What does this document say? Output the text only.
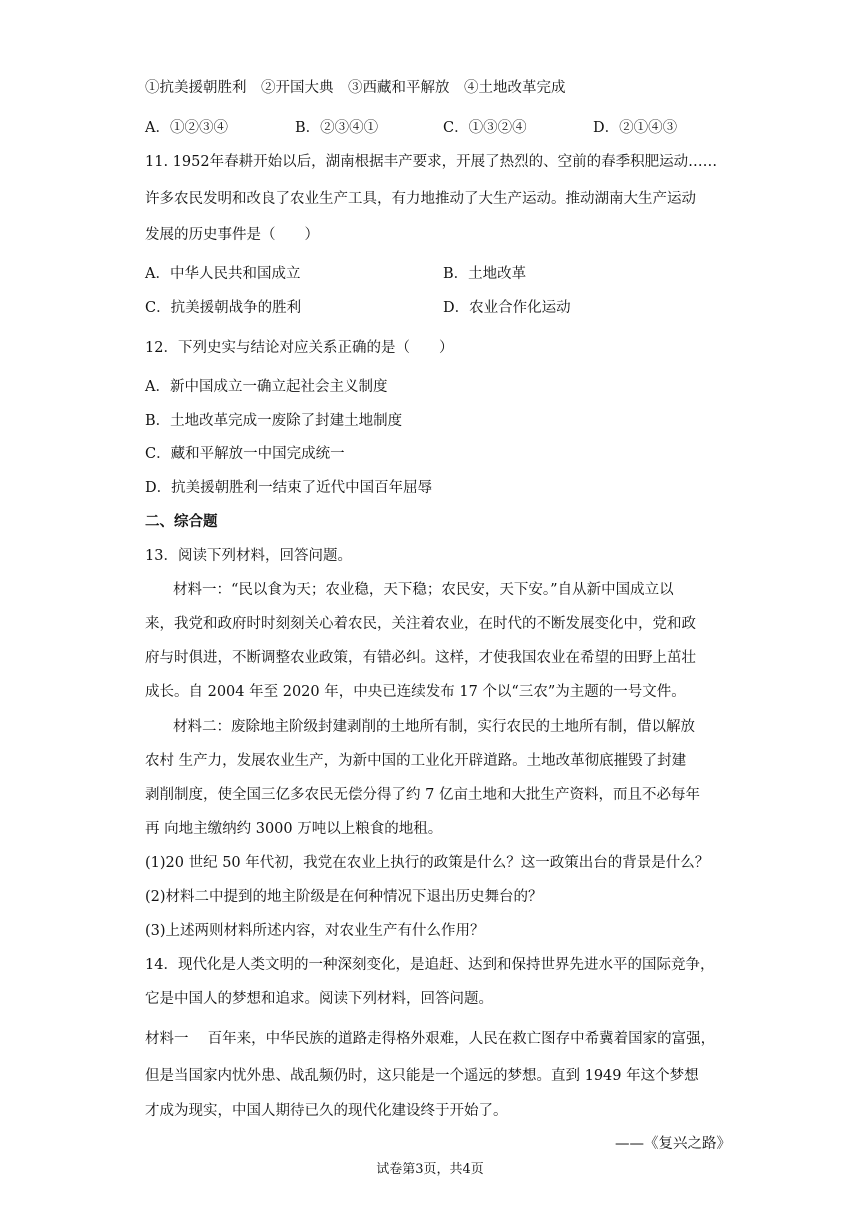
①抗美援朝胜利　②开国大典　③西藏和平解放　④土地改革完成
A．①②③④	B．②③④①	C．①③②④	D．②①④③
11. 1952年春耕开始以后，湖南根据丰产要求，开展了热烈的、空前的春季积肥运动……
许多农民发明和改良了农业生产工具，有力地推动了大生产运动。推动湖南大生产运动
发展的历史事件是（　　）
A．中华人民共和国成立	B．土地改革
C．抗美援朝战争的胜利	D．农业合作化运动
12．下列史实与结论对应关系正确的是（　　）
A．新中国成立一确立起社会主义制度
B．土地改革完成一废除了封建土地制度
C．藏和平解放一中国完成统一
D．抗美援朝胜利一结束了近代中国百年屈辱
二、综合题
13．阅读下列材料，回答问题。
材料一：“民以食为天；农业稳，天下稳；农民安，天下安。”自从新中国成立以
来，我党和政府时时刻刻关心着农民，关注着农业，在时代的不断发展变化中，党和政
府与时俱进，不断调整农业政策，有错必纠。这样，才使我国农业在希望的田野上茁壮
成长。自 2004 年至 2020 年，中央已连续发布 17 个以“三农”为主题的一号文件。
材料二：废除地主阶级封建剥削的土地所有制，实行农民的土地所有制，借以解放
农村 生产力，发展农业生产，为新中国的工业化开辟道路。土地改革彻底摧毁了封建
剥削制度，使全国三亿多农民无偿分得了约 7 亿亩土地和大批生产资料，而且不必每年
再 向地主缴纳约 3000 万吨以上粮食的地租。
(1)20 世纪 50 年代初，我党在农业上执行的政策是什么？这一政策出台的背景是什么？
(2)材料二中提到的地主阶级是在何种情况下退出历史舞台的？
(3)上述两则材料所述内容，对农业生产有什么作用？
14．现代化是人类文明的一种深刻变化，是追赶、达到和保持世界先进水平的国际竞争，
它是中国人的梦想和追求。阅读下列材料，回答问题。
材料一　 百年来，中华民族的道路走得格外艰难，人民在救亡图存中希冀着国家的富强，
但是当国家内忧外患、战乱频仍时，这只能是一个遥远的梦想。直到 1949 年这个梦想
才成为现实，中国人期待已久的现代化建设终于开始了。
——《复兴之路》
试卷第3页，共4页
